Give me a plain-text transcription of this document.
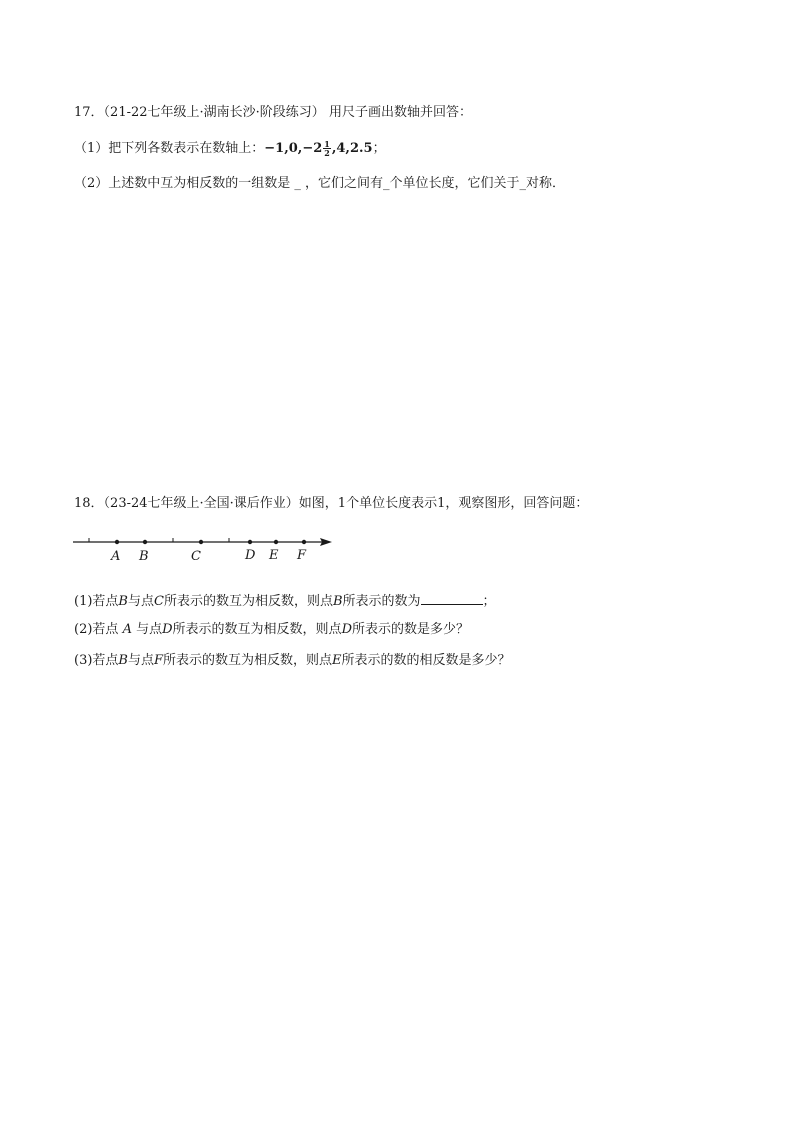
17．（21-22七年级上·湖南长沙·阶段练习） 用尺子画出数轴并回答：
（1）把下列各数表示在数轴上：$-1,0,-2 \frac{1}{2} ,4,2.5$；
（2）上述数中互为相反数的一组数是 _ ，它们之间有_个单位长度，它们关于_对称．
18．（23-24七年级上·全国·课后作业）如图，1个单位长度表示1，观察图形，回答问题：
A B	C	D E F
(1)若点B与点C所表示的数互为相反数，则点B所表示的数为	；
(2)若点 A 与点D所表示的数互为相反数，则点D所表示的数是多少？
(3)若点B与点F所表示的数互为相反数，则点E所表示的数的相反数是多少？
